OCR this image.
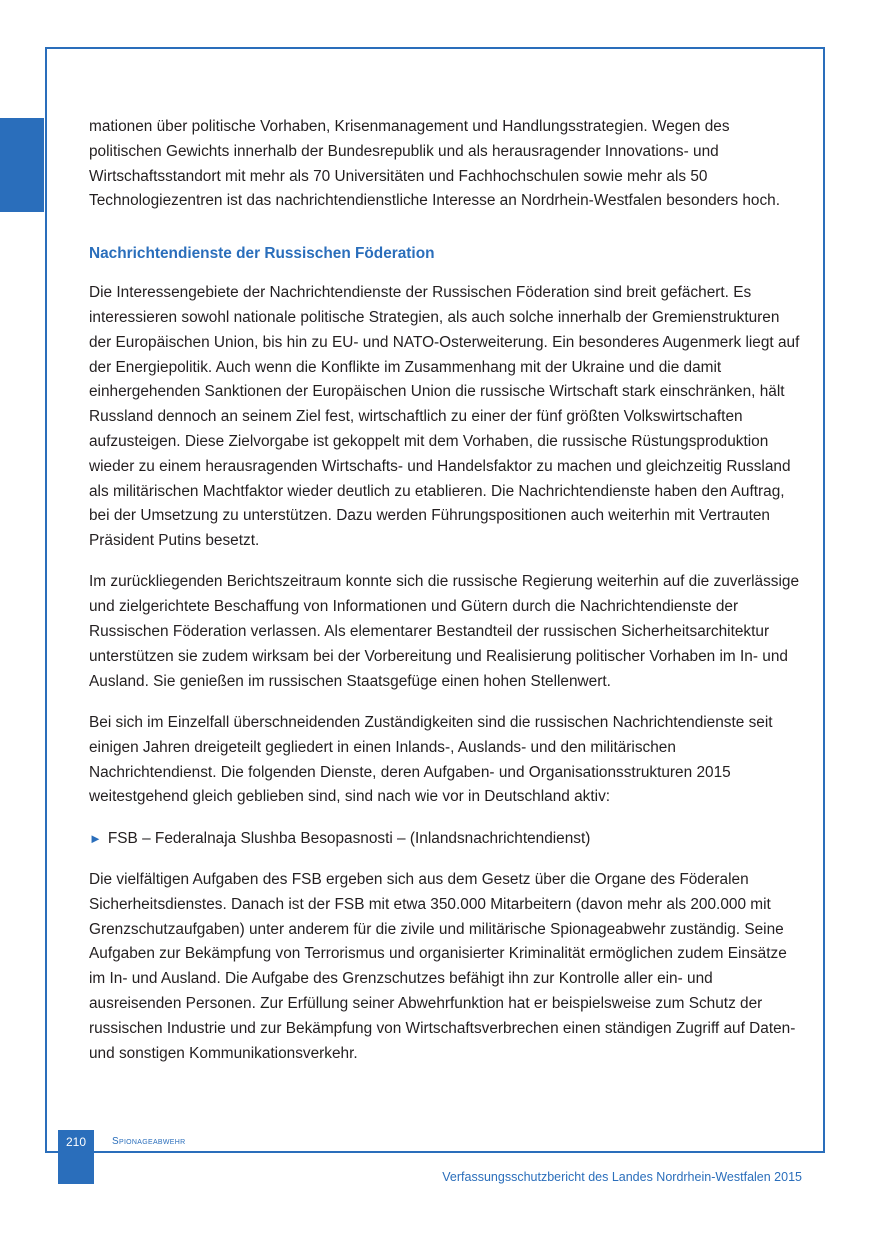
mationen über politische Vorhaben, Krisenmanagement und Handlungsstrategien. Wegen des politischen Gewichts innerhalb der Bundesrepublik und als herausragender Innovations- und Wirtschaftsstandort mit mehr als 70 Universitäten und Fachhochschulen sowie mehr als 50 Technologiezentren ist das nachrichtendienstliche Interesse an Nordrhein-Westfalen besonders hoch.

Nachrichtendienste der Russischen Föderation

Die Interessengebiete der Nachrichtendienste der Russischen Föderation sind breit gefächert. Es interessieren sowohl nationale politische Strategien, als auch solche innerhalb der Gremienstrukturen der Europäischen Union, bis hin zu EU- und NATO-Osterweiterung. Ein besonderes Augenmerk liegt auf der Energiepolitik. Auch wenn die Konflikte im Zusammenhang mit der Ukraine und die damit einhergehenden Sanktionen der Europäischen Union die russische Wirtschaft stark einschränken, hält Russland dennoch an seinem Ziel fest, wirtschaftlich zu einer der fünf größten Volkswirtschaften aufzusteigen. Diese Zielvorgabe ist gekoppelt mit dem Vorhaben, die russische Rüstungsproduktion wieder zu einem herausragenden Wirtschafts- und Handelsfaktor zu machen und gleichzeitig Russland als militärischen Machtfaktor wieder deutlich zu etablieren. Die Nachrichtendienste haben den Auftrag, bei der Umsetzung zu unterstützen. Dazu werden Führungspositionen auch weiterhin mit Vertrauten Präsident Putins besetzt.

Im zurückliegenden Berichtszeitraum konnte sich die russische Regierung weiterhin auf die zuverlässige und zielgerichtete Beschaffung von Informationen und Gütern durch die Nachrichtendienste der Russischen Föderation verlassen. Als elementarer Bestandteil der russischen Sicherheitsarchitektur unterstützen sie zudem wirksam bei der Vorbereitung und Realisierung politischer Vorhaben im In- und Ausland. Sie genießen im russischen Staatsgefüge einen hohen Stellenwert.

Bei sich im Einzelfall überschneidenden Zuständigkeiten sind die russischen Nachrichtendienste seit einigen Jahren dreigeteilt gegliedert in einen Inlands-, Auslands- und den militärischen Nachrichtendienst. Die folgenden Dienste, deren Aufgaben- und Organisationsstrukturen 2015 weitestgehend gleich geblieben sind, sind nach wie vor in Deutschland aktiv:

► FSB – Federalnaja Slushba Besopasnosti – (Inlandsnachrichtendienst)

Die vielfältigen Aufgaben des FSB ergeben sich aus dem Gesetz über die Organe des Föderalen Sicherheitsdienstes. Danach ist der FSB mit etwa 350.000 Mitarbeitern (davon mehr als 200.000 mit Grenzschutzaufgaben) unter anderem für die zivile und militärische Spionageabwehr zuständig. Seine Aufgaben zur Bekämpfung von Terrorismus und organisierter Kriminalität ermöglichen zudem Einsätze im In- und Ausland. Die Aufgabe des Grenzschutzes befähigt ihn zur Kontrolle aller ein- und ausreisenden Personen. Zur Erfüllung seiner Abwehrfunktion hat er beispielsweise zum Schutz der russischen Industrie und zur Bekämpfung von Wirtschaftsverbrechen einen ständigen Zugriff auf Daten- und sonstigen Kommunikationsverkehr.

210	Spionageabwehr
Verfassungsschutzbericht des Landes Nordrhein-Westfalen 2015
